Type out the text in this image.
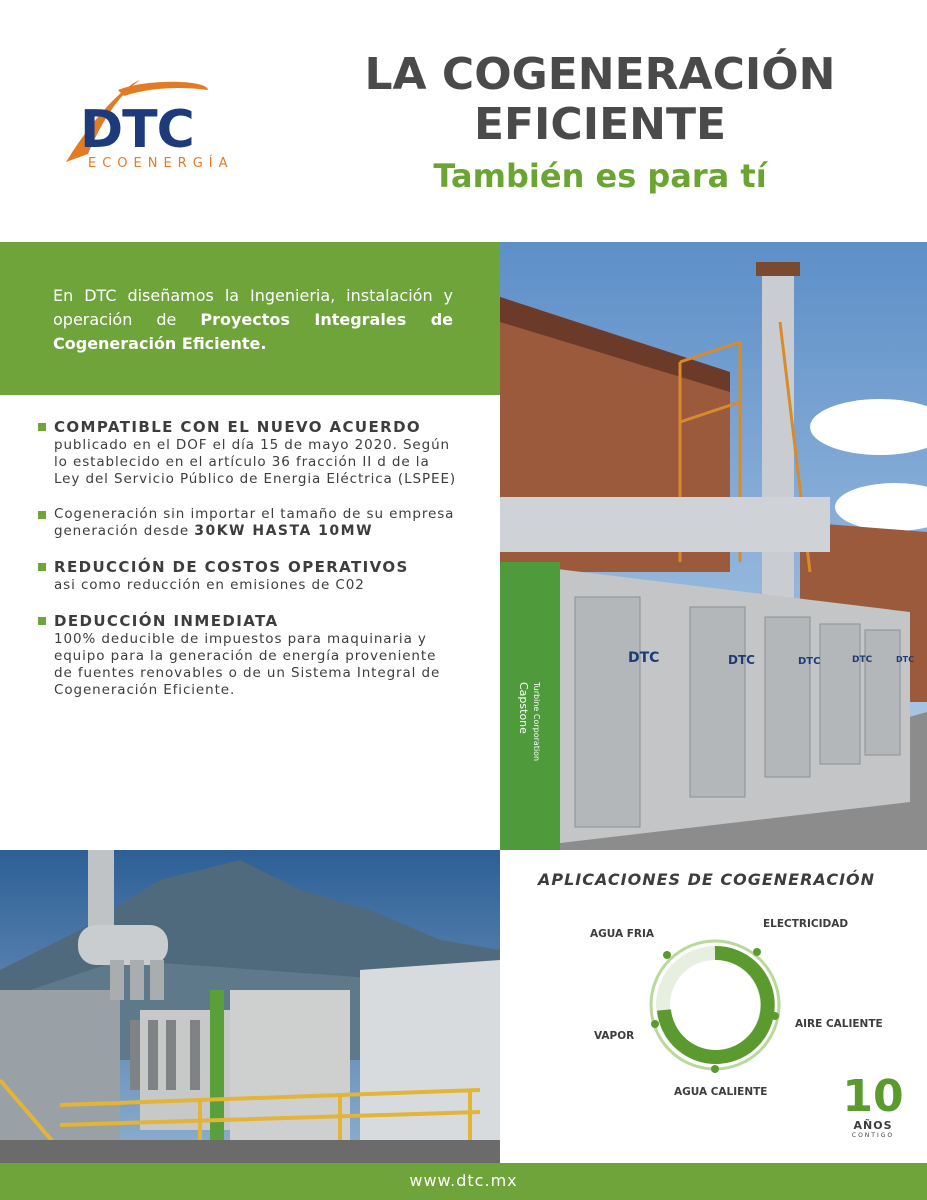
DTC
ECOENERGÍA
LA COGENERACIÓN
EFICIENTE
También es para tí

En DTC diseñamos la Ingenieria, instalación y operación de Proyectos Integrales de Cogeneración Eficiente.

Capstone Turbine Corporation
DTC	DTC	DTC	DTC	DTC
COMPATIBLE CON EL NUEVO ACUERDO
publicado en el DOF el día 15 de mayo 2020. Según lo establecido en el artículo 36 fracción II d de la Ley del Servicio Público de Energia Eléctrica (LSPEE)
Cogeneración sin importar el tamaño de su empresa generación desde 30KW HASTA 10MW
REDUCCIÓN DE COSTOS OPERATIVOS
asi como reducción en emisiones de C02
DEDUCCIÓN INMEDIATA
100% deducible de impuestos para maquinaria y equipo para la generación de energía proveniente de fuentes renovables o de un Sistema Integral de Cogeneración Eficiente.
APLICACIONES DE COGENERACIÓN
AGUA FRIA
ELECTRICIDAD
VAPOR
AIRE CALIENTE
AGUA CALIENTE 10
AÑOS
CONTIGO
www.dtc.mx
